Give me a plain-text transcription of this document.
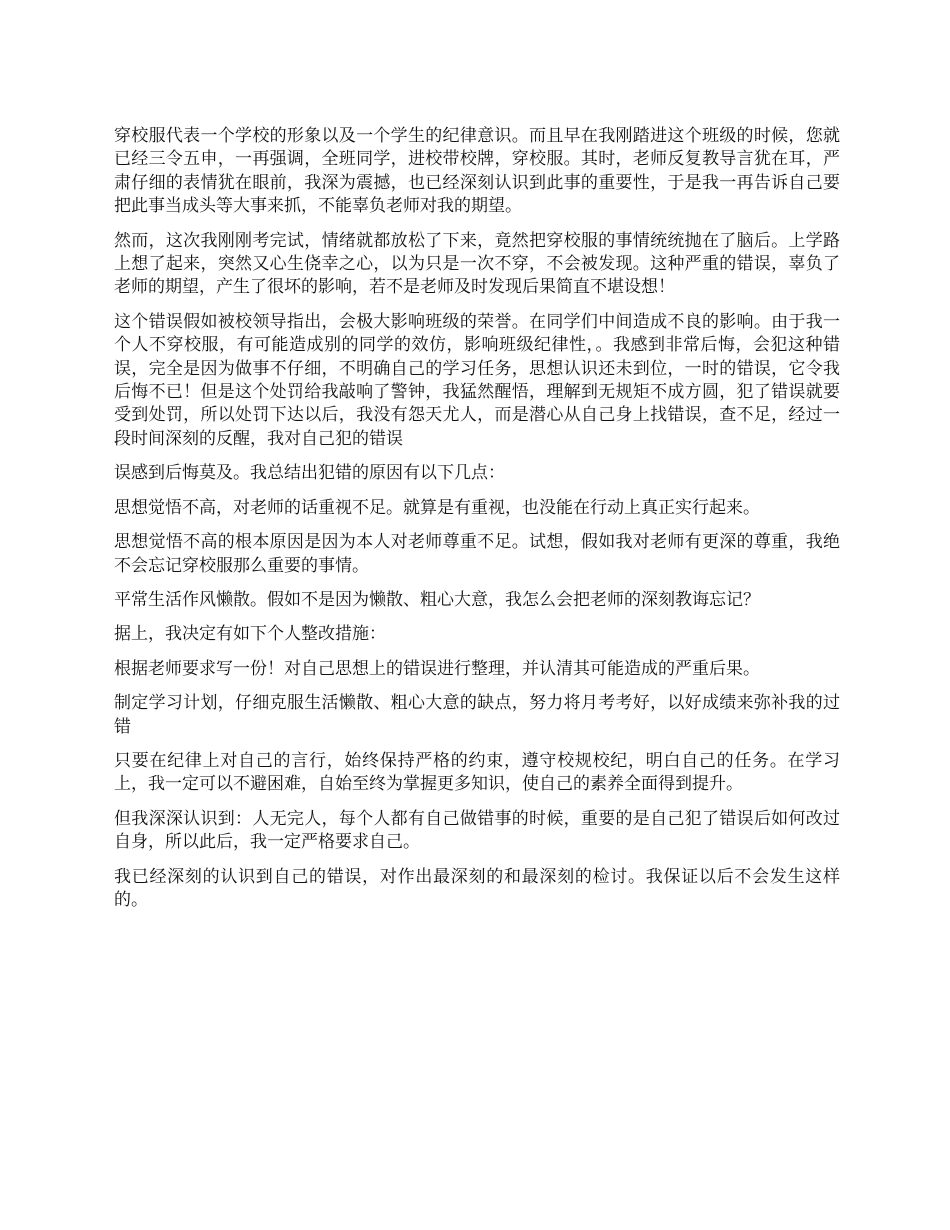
穿校服代表一个学校的形象以及一个学生的纪律意识。而且早在我刚踏进这个班级的时候，您就已经三令五申，一再强调，全班同学，进校带校牌，穿校服。其时，老师反复教导言犹在耳，严肃仔细的表情犹在眼前，我深为震撼，也已经深刻认识到此事的重要性，于是我一再告诉自己要把此事当成头等大事来抓，不能辜负老师对我的期望。

然而，这次我刚刚考完试，情绪就都放松了下来，竟然把穿校服的事情统统抛在了脑后。上学路上想了起来，突然又心生侥幸之心，以为只是一次不穿，不会被发现。这种严重的错误，辜负了老师的期望，产生了很坏的影响，若不是老师及时发现后果简直不堪设想！

这个错误假如被校领导指出，会极大影响班级的荣誉。在同学们中间造成不良的影响。由于我一个人不穿校服，有可能造成别的同学的效仿，影响班级纪律性，。我感到非常后悔，会犯这种错误，完全是因为做事不仔细，不明确自己的学习任务，思想认识还未到位，一时的错误，它令我后悔不已！但是这个处罚给我敲响了警钟，我猛然醒悟，理解到无规矩不成方圆，犯了错误就要受到处罚，所以处罚下达以后，我没有怨天尤人，而是潜心从自己身上找错误，查不足，经过一段时间深刻的反醒，我对自己犯的错误

误感到后悔莫及。我总结出犯错的原因有以下几点：

思想觉悟不高，对老师的话重视不足。就算是有重视，也没能在行动上真正实行起来。

思想觉悟不高的根本原因是因为本人对老师尊重不足。试想，假如我对老师有更深的尊重，我绝不会忘记穿校服那么重要的事情。

平常生活作风懒散。假如不是因为懒散、粗心大意，我怎么会把老师的深刻教诲忘记？

据上，我决定有如下个人整改措施：

根据老师要求写一份！对自己思想上的错误进行整理，并认清其可能造成的严重后果。

制定学习计划，仔细克服生活懒散、粗心大意的缺点，努力将月考考好，以好成绩来弥补我的过错

只要在纪律上对自己的言行，始终保持严格的约束，遵守校规校纪，明白自己的任务。在学习上，我一定可以不避困难，自始至终为掌握更多知识，使自己的素养全面得到提升。

但我深深认识到：人无完人，每个人都有自己做错事的时候，重要的是自己犯了错误后如何改过自身，所以此后，我一定严格要求自己。

我已经深刻的认识到自己的错误，对作出最深刻的和最深刻的检讨。我保证以后不会发生这样的。
